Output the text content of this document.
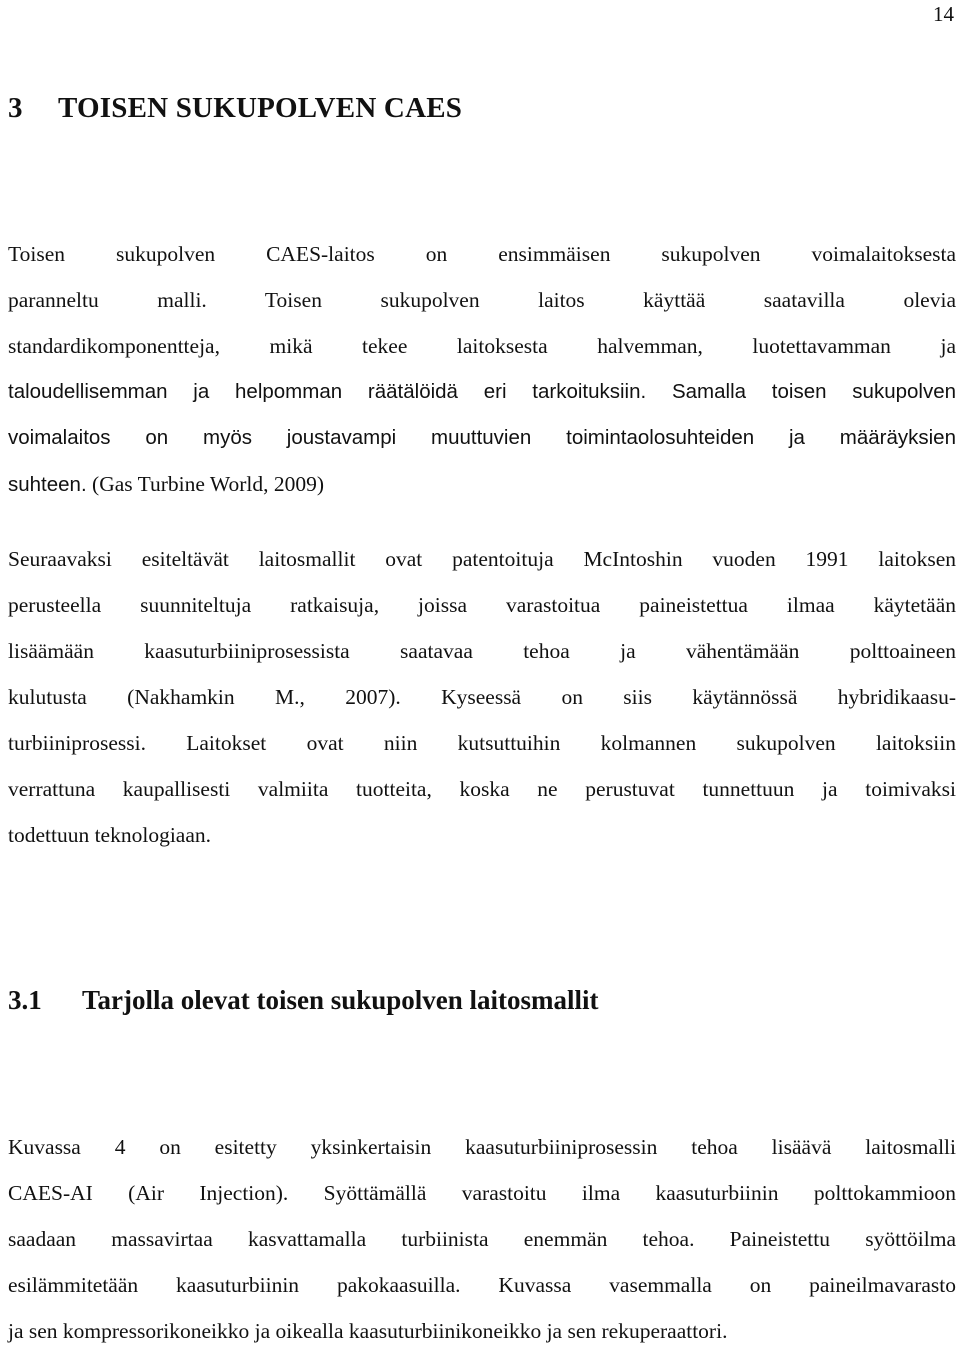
14
3 TOISEN SUKUPOLVEN CAES
Toisen sukupolven CAES-laitos on ensimmäisen sukupolven voimalaitoksesta
paranneltu malli. Toisen sukupolven laitos käyttää saatavilla olevia
standardikomponentteja, mikä tekee laitoksesta halvemman, luotettavamman ja
taloudellisemman ja helpomman räätälöidä eri tarkoituksiin. Samalla toisen sukupolven
voimalaitos on myös joustavampi muuttuvien toimintaolosuhteiden ja määräyksien
suhteen. (Gas Turbine World, 2009)
Seuraavaksi esiteltävät laitosmallit ovat patentoituja McIntoshin vuoden 1991 laitoksen
perusteella suunniteltuja ratkaisuja, joissa varastoitua paineistettua ilmaa käytetään
lisäämään kaasuturbiiniprosessista saatavaa tehoa ja vähentämään polttoaineen
kulutusta (Nakhamkin M., 2007). Kyseessä on siis käytännössä hybridikaasu-
turbiiniprosessi. Laitokset ovat niin kutsuttuihin kolmannen sukupolven laitoksiin
verrattuna kaupallisesti valmiita tuotteita, koska ne perustuvat tunnettuun ja toimivaksi
todettuun teknologiaan.
3.1 Tarjolla olevat toisen sukupolven laitosmallit
Kuvassa 4 on esitetty yksinkertaisin kaasuturbiiniprosessin tehoa lisäävä laitosmalli
CAES-AI (Air Injection). Syöttämällä varastoitu ilma kaasuturbiinin polttokammioon
saadaan massavirtaa kasvattamalla turbiinista enemmän tehoa. Paineistettu syöttöilma
esilämmitetään kaasuturbiinin pakokaasuilla. Kuvassa vasemmalla on paineilmavarasto
ja sen kompressorikoneikko ja oikealla kaasuturbiinikoneikko ja sen rekuperaattori.
